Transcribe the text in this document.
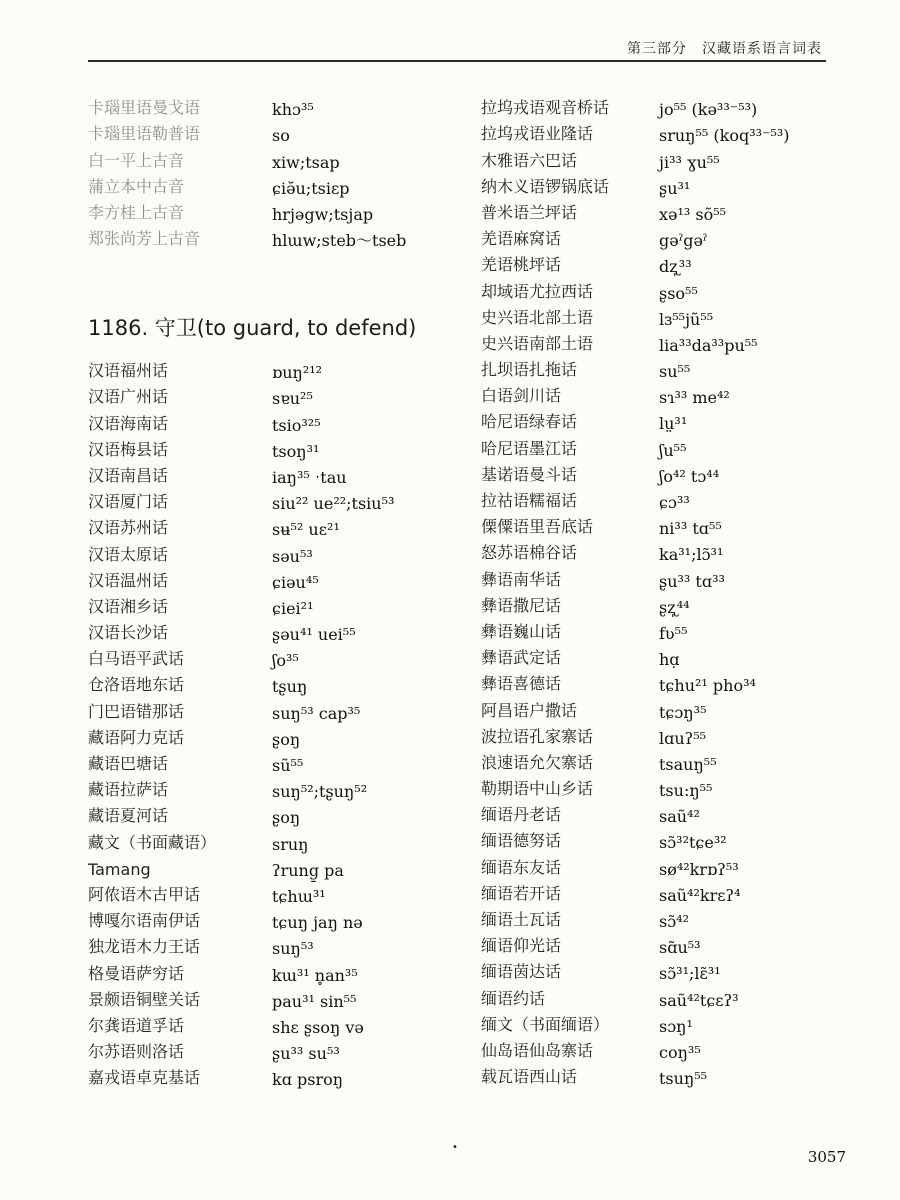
第三部分　汉藏语系语言词表
卡瑙里语曼戈语	khɔ³⁵
卡瑙里语勒普语	so
白一平上古音	xiw;tsap
蒲立本中古音	ɕiə̆u;tsiɛp
李方桂上古音	hrjəgw;tsjap
郑张尚芳上古音	hlɯw;steb～tseb
1186. 守卫(to guard, to defend)
汉语福州话	ɒuŋ²¹²
汉语广州话	sɐu²⁵
汉语海南话	tsio³²⁵
汉语梅县话	tsoŋ³¹
汉语南昌话	iaŋ³⁵ ˑtau
汉语厦门话	siu²² ue²²;tsiu⁵³
汉语苏州话	sʉ⁵² uɛ²¹
汉语太原话	səu⁵³
汉语温州话	ɕiəu⁴⁵
汉语湘乡话	ɕiei²¹
汉语长沙话	ʂəu⁴¹ uei⁵⁵
白马语平武话	ʃo³⁵
仓洛语地东话	tʂuŋ
门巴语错那话	suŋ⁵³ cap³⁵
藏语阿力克话	ʂoŋ
藏语巴塘话	sũ⁵⁵
藏语拉萨话	suŋ⁵²;tʂuŋ⁵²
藏语夏河话	ʂoŋ
藏文（书面藏语）	sruŋ
Tamang	ʔrung̱ pa
阿侬语木古甲话	tɕhɯ³¹
博嘎尔语南伊话	tɕuŋ jaŋ nə
独龙语木力王话	suŋ⁵³
格曼语萨穷话	kɯ³¹ n̥an³⁵
景颇语铜壁关话	pau³¹ sin⁵⁵
尔龚语道孚话	shɛ ʂsoŋ və
尔苏语则洛话	ʂu³³ su⁵³
嘉戎语卓克基话	kɑ psroŋ
拉坞戎语观音桥话	jo⁵⁵ (kə³³⁻⁵³)
拉坞戎语业隆话	sruŋ⁵⁵ (koq³³⁻⁵³)
木雅语六巴话	ji³³ ɣu⁵⁵
纳木义语锣锅底话	ʂu³¹
普米语兰坪话	xə¹³ sõ⁵⁵
羌语麻窝话	gəˀgəˀ
羌语桃坪话	dʐ̩³³
却域语尤拉西话	ʂso⁵⁵
史兴语北部土语	lɜ⁵⁵jũ⁵⁵
史兴语南部土语	lia³³da³³pu⁵⁵
扎坝语扎拖话	su⁵⁵
白语剑川话	sɿ³³ me⁴²
哈尼语绿春话	lṳ³¹
哈尼语墨江话	ʃu⁵⁵
基诺语曼斗话	ʃo⁴² tɔ⁴⁴
拉祜语糯福话	ɕɔ³³
傈僳语里吾底话	ni³³ tɑ⁵⁵
怒苏语棉谷话	ka³¹;lɔ̃³¹
彝语南华话	ʂu³³ tɑ³³
彝语撒尼话	ʂʐ̩⁴⁴
彝语巍山话	fʋ⁵⁵
彝语武定话	hɑ̣
彝语喜德话	tɕhu²¹ pho³⁴
阿昌语户撒话	tɕɔŋ³⁵
波拉语孔家寨话	lɑuʔ⁵⁵
浪速语允欠寨话	tsauŋ⁵⁵
勒期语中山乡话	tsu:ŋ⁵⁵
缅语丹老话	saũ⁴²
缅语德努话	sɔ̃³²tɕe³²
缅语东友话	sø⁴²krɒʔ⁵³
缅语若开话	saũ⁴²krɛʔ⁴
缅语土瓦话	sɔ̃⁴²
缅语仰光话	sɑ̃u⁵³
缅语茵达话	sɔ̃³¹;lɛ̃³¹
缅语约话	saũ⁴²tɕɛʔ³
缅文（书面缅语）	sɔŋ¹
仙岛语仙岛寨话	coŋ³⁵
载瓦语西山话	tsuŋ⁵⁵
•
3057
